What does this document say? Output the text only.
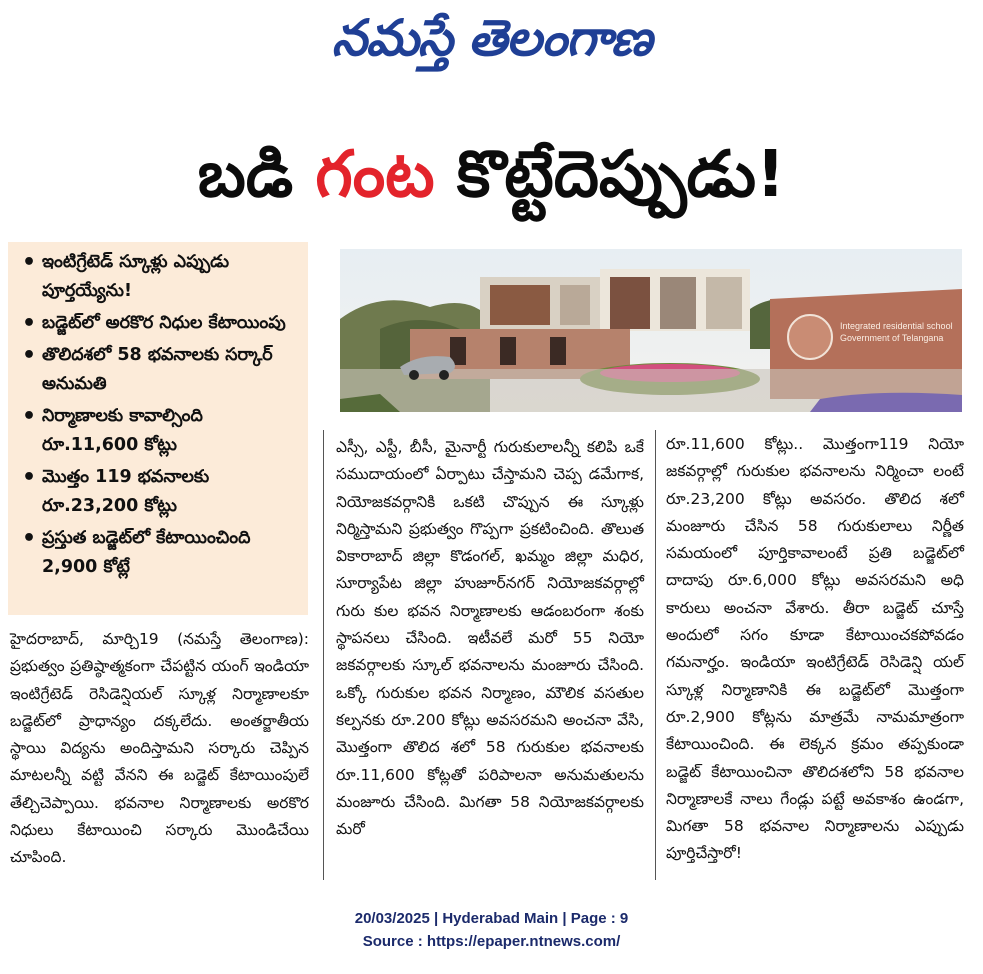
నమస్తే తెలంగాణ
బడి గంట కొట్టేదెప్పుడు!
• ఇంటిగ్రేటెడ్ స్కూళ్లు ఎప్పుడు పూర్తయ్యేను!
• బడ్జెట్‌లో అరకొర నిధుల కేటాయింపు
• తొలిదశలో 58 భవనాలకు సర్కార్ అనుమతి
• నిర్మాణాలకు కావాల్సింది రూ.11,600 కోట్లు
• మొత్తం 119 భవనాలకు రూ.23,200 కోట్లు
• ప్రస్తుత బడ్జెట్‌లో కేటాయించింది 2,900 కోట్లే
Integrated residential school
Government of Telangana
హైదరాబాద్, మార్చి19 (నమస్తే తెలంగాణ): ప్రభుత్వం ప్రతిష్ఠాత్మకంగా చేపట్టిన యంగ్ ఇండియా ఇంటిగ్రేటెడ్ రెసిడెన్షియల్ స్కూళ్ల నిర్మాణాలకూ బడ్జెట్‌లో ప్రాధాన్యం దక్కలేదు. అంతర్జాతీయ స్థాయి విద్యను అందిస్తామని సర్కారు చెప్పిన మాటలన్నీ వట్టి వేనని ఈ బడ్జెట్ కేటాయింపులే తేల్చిచెప్పాయి. భవనాల నిర్మాణాలకు అరకొర నిధులు కేటాయించి సర్కారు మొండిచేయి చూపింది.
ఎస్సీ, ఎస్టీ, బీసీ, మైనార్టీ గురుకులాలన్నీ కలిపి ఒకే సముదాయంలో ఏర్పాటు చేస్తామని చెప్ప డమేగాక, నియోజకవర్గానికి ఒకటి చొప్పున ఈ స్కూళ్లు నిర్మిస్తామని ప్రభుత్వం గొప్పగా ప్రకటించింది. తొలుత వికారాబాద్ జిల్లా కొడంగల్, ఖమ్మం జిల్లా మధిర, సూర్యాపేట జిల్లా హుజూర్‌నగర్ నియోజకవర్గాల్లో గురు కుల భవన నిర్మాణాలకు ఆడంబరంగా శంకు స్థాపనలు చేసింది. ఇటీవలే మరో 55 నియో జకవర్గాలకు స్కూల్ భవనాలను మంజూరు చేసింది. ఒక్కో గురుకుల భవన నిర్మాణం, మౌలిక వసతుల కల్పనకు రూ.200 కోట్లు అవసరమని అంచనా వేసి, మొత్తంగా తొలిద శలో 58 గురుకుల భవనాలకు రూ.11,600 కోట్లతో పరిపాలనా అనుమతులను మంజూరు చేసింది. మిగతా 58 నియోజకవర్గాలకు మరో
రూ.11,600 కోట్లు.. మొత్తంగా119 నియో జకవర్గాల్లో గురుకుల భవనాలను నిర్మించా లంటే రూ.23,200 కోట్లు అవసరం. తొలిద శలో మంజూరు చేసిన 58 గురుకులాలు నిర్ణీత సమయంలో పూర్తికావాలంటే ప్రతి బడ్జెట్‌లో దాదాపు రూ.6,000 కోట్లు అవసరమని అధి కారులు అంచనా వేశారు. తీరా బడ్జెట్ చూస్తే అందులో సగం కూడా కేటాయించకపోవడం గమనార్హం. ఇండియా ఇంటిగ్రేటెడ్ రెసిడెన్షి యల్ స్కూళ్ల నిర్మాణానికి ఈ బడ్జెట్‌లో మొత్తంగా రూ.2,900 కోట్లను మాత్రమే నామమాత్రంగా కేటాయించింది. ఈ లెక్కన క్రమం తప్పకుండా బడ్జెట్ కేటాయించినా తొలిదశలోని 58 భవనాల నిర్మాణాలకే నాలు గేండ్లు పట్టే అవకాశం ఉండగా, మిగతా 58 భవనాల నిర్మాణాలను ఎప్పుడు పూర్తిచేస్తారో!
20/03/2025 | Hyderabad Main | Page : 9
Source : https://epaper.ntnews.com/
